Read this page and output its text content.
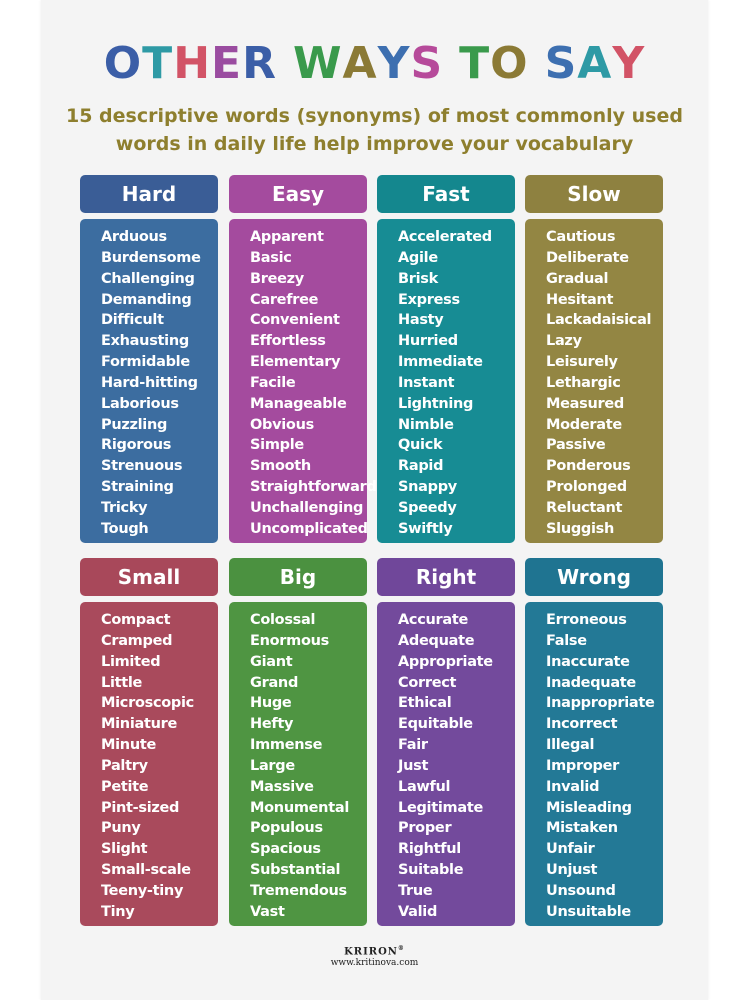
OTHER WAYS TO SAY
15 descriptive words (synonyms) of most commonly used
words in daily life help improve your vocabulary
Hard
Arduous
Burdensome
Challenging
Demanding
Difficult
Exhausting
Formidable
Hard-hitting
Laborious
Puzzling
Rigorous
Strenuous
Straining
Tricky
Tough
Easy
Apparent
Basic
Breezy
Carefree
Convenient
Effortless
Elementary
Facile
Manageable
Obvious
Simple
Smooth
Straightforward
Unchallenging
Uncomplicated
Fast
Accelerated
Agile
Brisk
Express
Hasty
Hurried
Immediate
Instant
Lightning
Nimble
Quick
Rapid
Snappy
Speedy
Swiftly
Slow
Cautious
Deliberate
Gradual
Hesitant
Lackadaisical
Lazy
Leisurely
Lethargic
Measured
Moderate
Passive
Ponderous
Prolonged
Reluctant
Sluggish
Small
Compact
Cramped
Limited
Little
Microscopic
Miniature
Minute
Paltry
Petite
Pint-sized
Puny
Slight
Small-scale
Teeny-tiny
Tiny
Big
Colossal
Enormous
Giant
Grand
Huge
Hefty
Immense
Large
Massive
Monumental
Populous
Spacious
Substantial
Tremendous
Vast
Right
Accurate
Adequate
Appropriate
Correct
Ethical
Equitable
Fair
Just
Lawful
Legitimate
Proper
Rightful
Suitable
True
Valid
Wrong
Erroneous
False
Inaccurate
Inadequate
Inappropriate
Incorrect
Illegal
Improper
Invalid
Misleading
Mistaken
Unfair
Unjust
Unsound
Unsuitable
KRIRON®
www.kritinova.com
